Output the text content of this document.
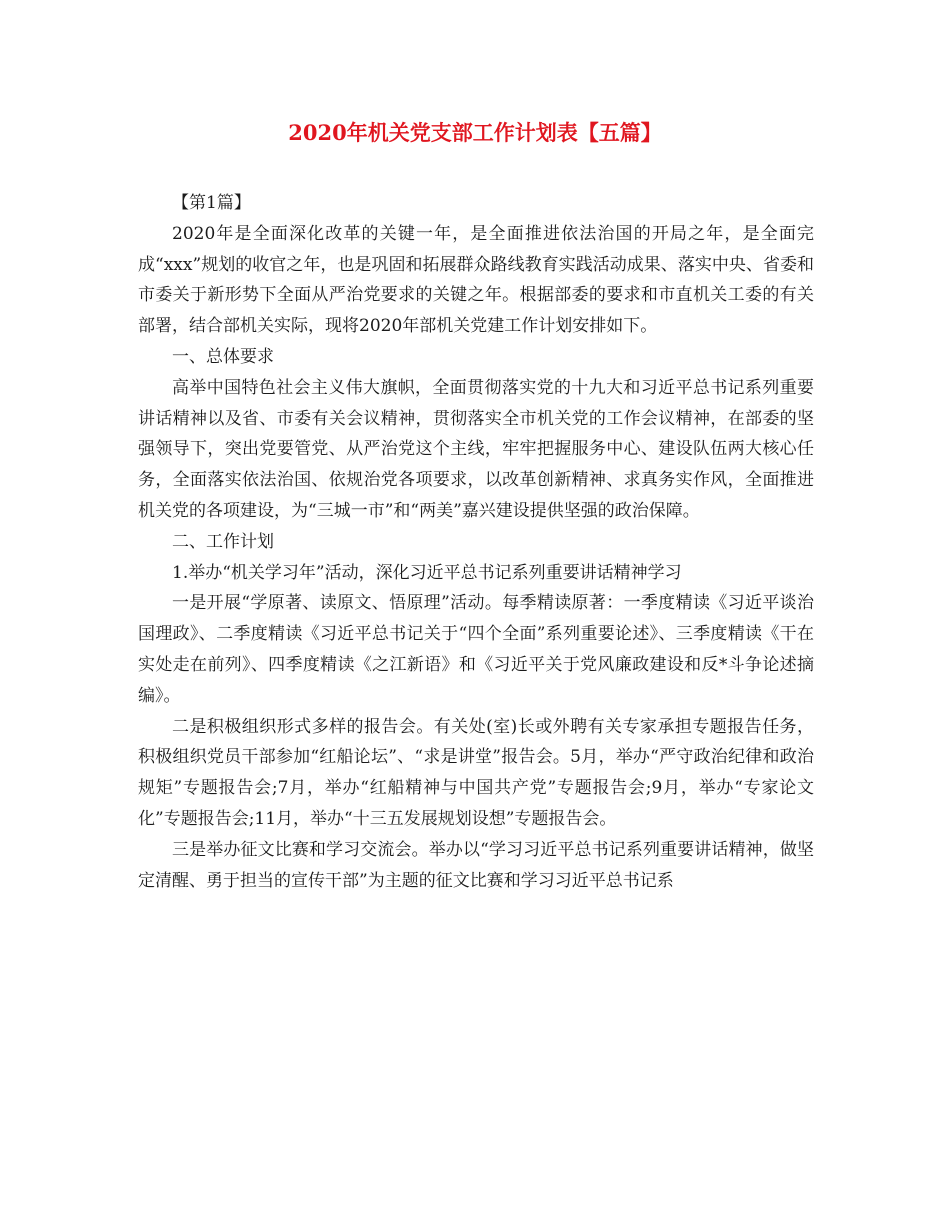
2020年机关党支部工作计划表【五篇】

【第1篇】

2020年是全面深化改革的关键一年，是全面推进依法治国的开局之年，是全面完成“xxx”规划的收官之年，也是巩固和拓展群众路线教育实践活动成果、落实中央、省委和市委关于新形势下全面从严治党要求的关键之年。根据部委的要求和市直机关工委的有关部署，结合部机关实际，现将2020年部机关党建工作计划安排如下。

一、总体要求

高举中国特色社会主义伟大旗帜，全面贯彻落实党的十九大和习近平总书记系列重要讲话精神以及省、市委有关会议精神，贯彻落实全市机关党的工作会议精神，在部委的坚强领导下，突出党要管党、从严治党这个主线，牢牢把握服务中心、建设队伍两大核心任务，全面落实依法治国、依规治党各项要求，以改革创新精神、求真务实作风，全面推进机关党的各项建设，为“三城一市”和“两美”嘉兴建设提供坚强的政治保障。

二、工作计划

1.举办“机关学习年”活动，深化习近平总书记系列重要讲话精神学习

一是开展“学原著、读原文、悟原理”活动。每季精读原著：一季度精读《习近平谈治国理政》、二季度精读《习近平总书记关于“四个全面”系列重要论述》、三季度精读《干在实处走在前列》、四季度精读《之江新语》和《习近平关于党风廉政建设和反*斗争论述摘编》。

二是积极组织形式多样的报告会。有关处(室)长或外聘有关专家承担专题报告任务，积极组织党员干部参加“红船论坛”、“求是讲堂”报告会。5月，举办“严守政治纪律和政治规矩”专题报告会;7月，举办“红船精神与中国共产党”专题报告会;9月，举办“专家论文化”专题报告会;11月，举办“十三五发展规划设想”专题报告会。

三是举办征文比赛和学习交流会。举办以“学习习近平总书记系列重要讲话精神，做坚定清醒、勇于担当的宣传干部”为主题的征文比赛和学习习近平总书记系
